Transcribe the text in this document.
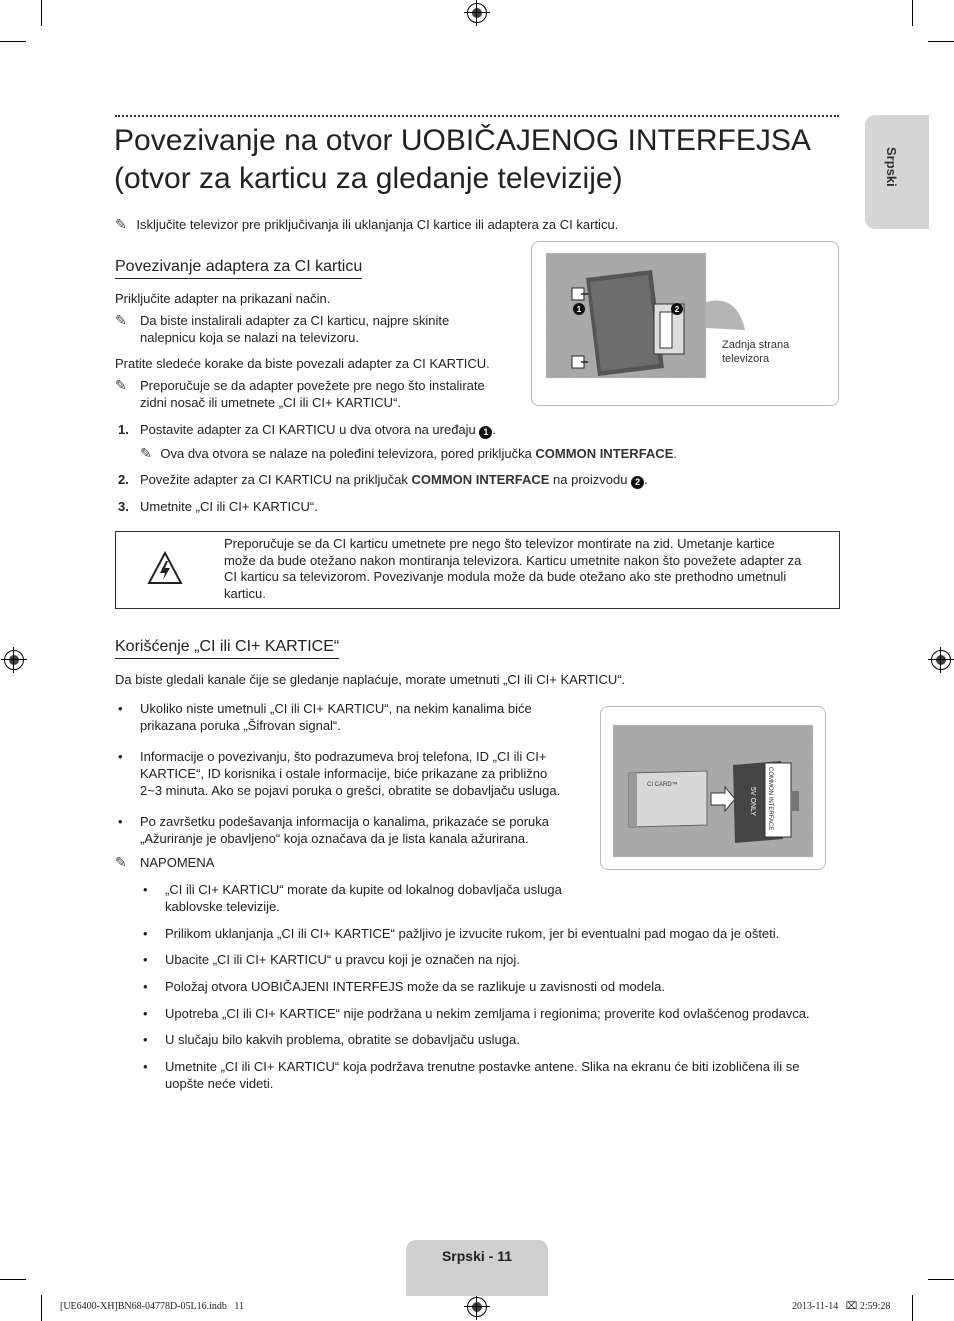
Srpski
Povezivanje na otvor UOBIČAJENOG INTERFEJSA
(otvor za karticu za gledanje televizije)
✎ Isključite televizor pre priključivanja ili uklanjanja CI kartice ili adaptera za CI karticu.
Povezivanje adaptera za CI karticu
Priključite adapter na prikazani način.
✎ Da biste instalirali adapter za CI karticu, najpre skinite
nalepnicu koja se nalazi na televizoru.
Pratite sledeće korake da biste povezali adapter za CI KARTICU.
✎ Preporučuje se da adapter povežete pre nego što instalirate
zidni nosač ili umetnete „CI ili CI+ KARTICU“.
1	2
Zadnja strana
televizora
1. Postavite adapter za CI KARTICU u dva otvora na uređaju 1 .
✎ Ova dva otvora se nalaze na poleđini televizora, pored priključka COMMON INTERFACE.
2. Povežite adapter za CI KARTICU na priključak COMMON INTERFACE na proizvodu 2 .
3. Umetnite „CI ili CI+ KARTICU“.
Preporučuje se da CI karticu umetnete pre nego što televizor montirate na zid. Umetanje kartice
može da bude otežano nakon montiranja televizora. Karticu umetnite nakon što povežete adapter za
CI karticu sa televizorom. Povezivanje modula može da bude otežano ako ste prethodno umetnuli
karticu.
Korišćenje „CI ili CI+ KARTICE“
Da biste gledali kanale čije se gledanje naplaćuje, morate umetnuti „CI ili CI+ KARTICU“.
• Ukoliko niste umetnuli „CI ili CI+ KARTICU“, na nekim kanalima biće
prikazana poruka „Šifrovan signal“.
• Informacije o povezivanju, što podrazumeva broj telefona, ID „CI ili CI+
KARTICE“, ID korisnika i ostale informacije, biće prikazane za približno
2~3 minuta. Ako se pojavi poruka o grešci, obratite se dobavljaču usluga.
• Po završetku podešavanja informacija o kanalima, prikazaće se poruka
„Ažuriranje je obavljeno“ koja označava da je lista kanala ažurirana.
CI CARD™	COMMON INTERFACE
5V ONLY
✎ NAPOMENA
• „CI ili CI+ KARTICU“ morate da kupite od lokalnog dobavljača usluga
kablovske televizije.
• Prilikom uklanjanja „CI ili CI+ KARTICE“ pažljivo je izvucite rukom, jer bi eventualni pad mogao da je ošteti.
• Ubacite „CI ili CI+ KARTICU“ u pravcu koji je označen na njoj.
• Položaj otvora UOBIČAJENI INTERFEJS može da se razlikuje u zavisnosti od modela.
• Upotreba „CI ili CI+ KARTICE“ nije podržana u nekim zemljama i regionima; proverite kod ovlašćenog prodavca.
• U slučaju bilo kakvih problema, obratite se dobavljaču usluga.
• Umetnite „CI ili CI+ KARTICU“ koja podržava trenutne postavke antene. Slika na ekranu će biti izobličena ili se
uopšte neće videti.
Srpski - 11
[UE6400-XH]BN68-04778D-05L16.indb   11	2013-11-14   ⌧ 2:59:28
